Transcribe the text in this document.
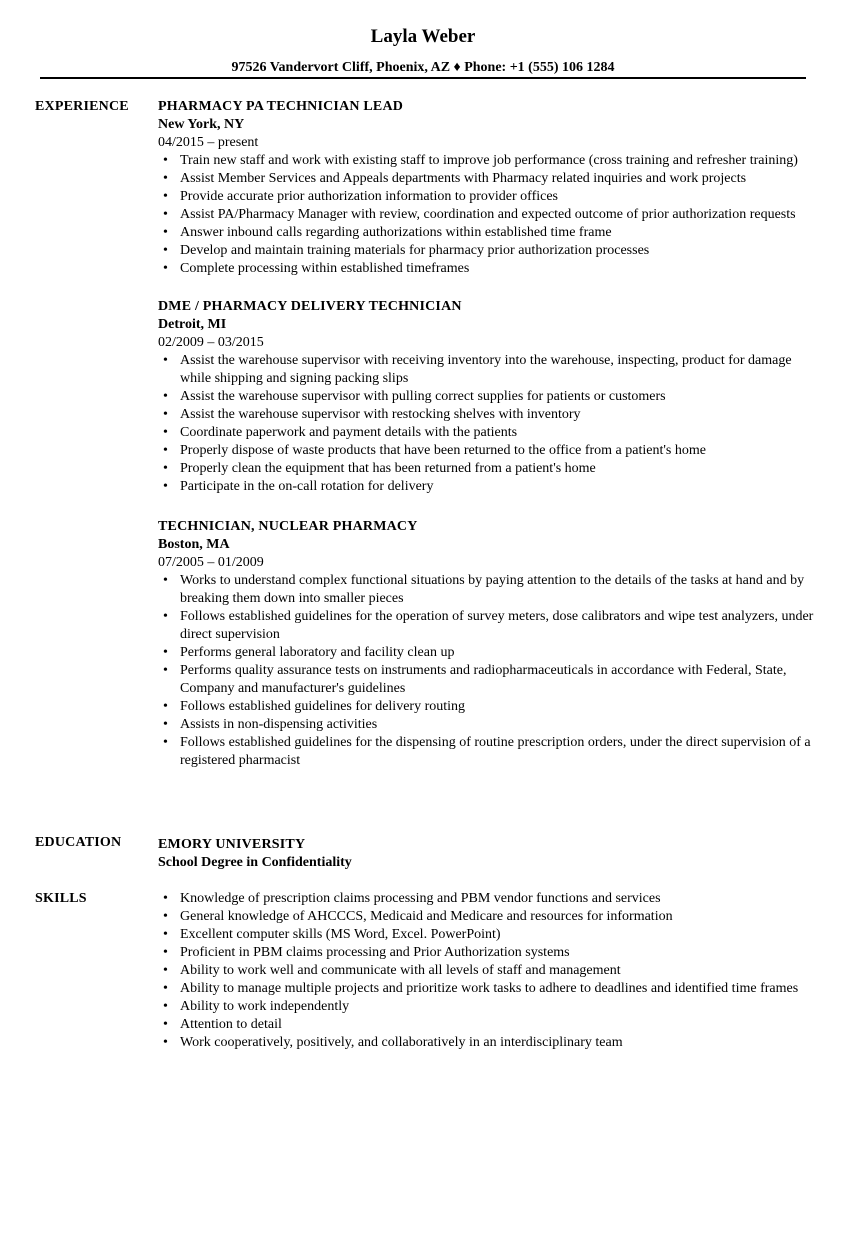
Layla Weber
97526 Vandervort Cliff, Phoenix, AZ ♦ Phone: +1 (555) 106 1284
EXPERIENCE PHARMACY PA TECHNICIAN LEAD
New York, NY
04/2015 – present
• Train new staff and work with existing staff to improve job performance (cross training and refresher training)
• Assist Member Services and Appeals departments with Pharmacy related inquiries and work projects
• Provide accurate prior authorization information to provider offices
• Assist PA/Pharmacy Manager with review, coordination and expected outcome of prior authorization requests
• Answer inbound calls regarding authorizations within established time frame
• Develop and maintain training materials for pharmacy prior authorization processes
• Complete processing within established timeframes
DME / PHARMACY DELIVERY TECHNICIAN
Detroit, MI
02/2009 – 03/2015
• Assist the warehouse supervisor with receiving inventory into the warehouse, inspecting, product for damage while shipping and signing packing slips
• Assist the warehouse supervisor with pulling correct supplies for patients or customers
• Assist the warehouse supervisor with restocking shelves with inventory
• Coordinate paperwork and payment details with the patients
• Properly dispose of waste products that have been returned to the office from a patient's home
• Properly clean the equipment that has been returned from a patient's home
• Participate in the on-call rotation for delivery
TECHNICIAN, NUCLEAR PHARMACY
Boston, MA
07/2005 – 01/2009
• Works to understand complex functional situations by paying attention to the details of the tasks at hand and by breaking them down into smaller pieces
• Follows established guidelines for the operation of survey meters, dose calibrators and wipe test analyzers, under direct supervision
• Performs general laboratory and facility clean up
• Performs quality assurance tests on instruments and radiopharmaceuticals in accordance with Federal, State, Company and manufacturer's guidelines
• Follows established guidelines for delivery routing
• Assists in non-dispensing activities
• Follows established guidelines for the dispensing of routine prescription orders, under the direct supervision of a registered pharmacist
EDUCATION	EMORY UNIVERSITY
School Degree in Confidentiality
SKILLS
•	Knowledge of prescription claims processing and PBM vendor functions and services
• General knowledge of AHCCCS, Medicaid and Medicare and resources for information
• Excellent computer skills (MS Word, Excel. PowerPoint)
• Proficient in PBM claims processing and Prior Authorization systems
• Ability to work well and communicate with all levels of staff and management
• Ability to manage multiple projects and prioritize work tasks to adhere to deadlines and identified time frames
• Ability to work independently
• Attention to detail
• Work cooperatively, positively, and collaboratively in an interdisciplinary team
